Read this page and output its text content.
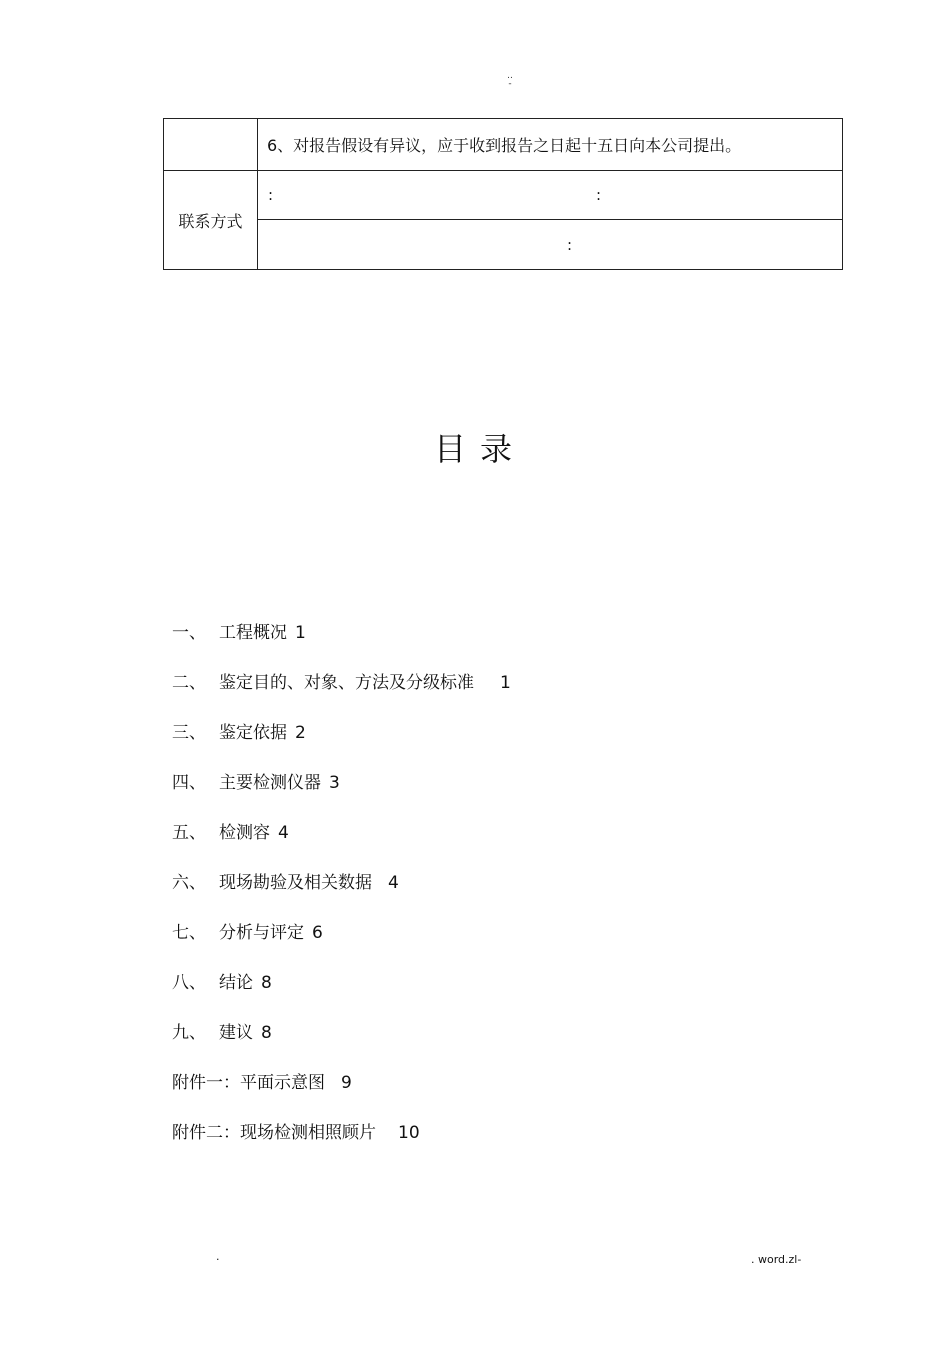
..
-
	6、对报告假设有异议，应于收到报告之日起十五日向本公司提出。
联系方式	: :

	:
目录
一、 工程概况 1
二、 鉴定目的、对象、方法及分级标准 1
三、 鉴定依据 2
四、 主要检测仪器 3
五、 检测容 4
六、 现场勘验及相关数据 4
七、 分析与评定 6
八、 结论 8
九、 建议 8
附件一：平面示意图 9
附件二：现场检测相照顾片 10
.	. word.zl-
